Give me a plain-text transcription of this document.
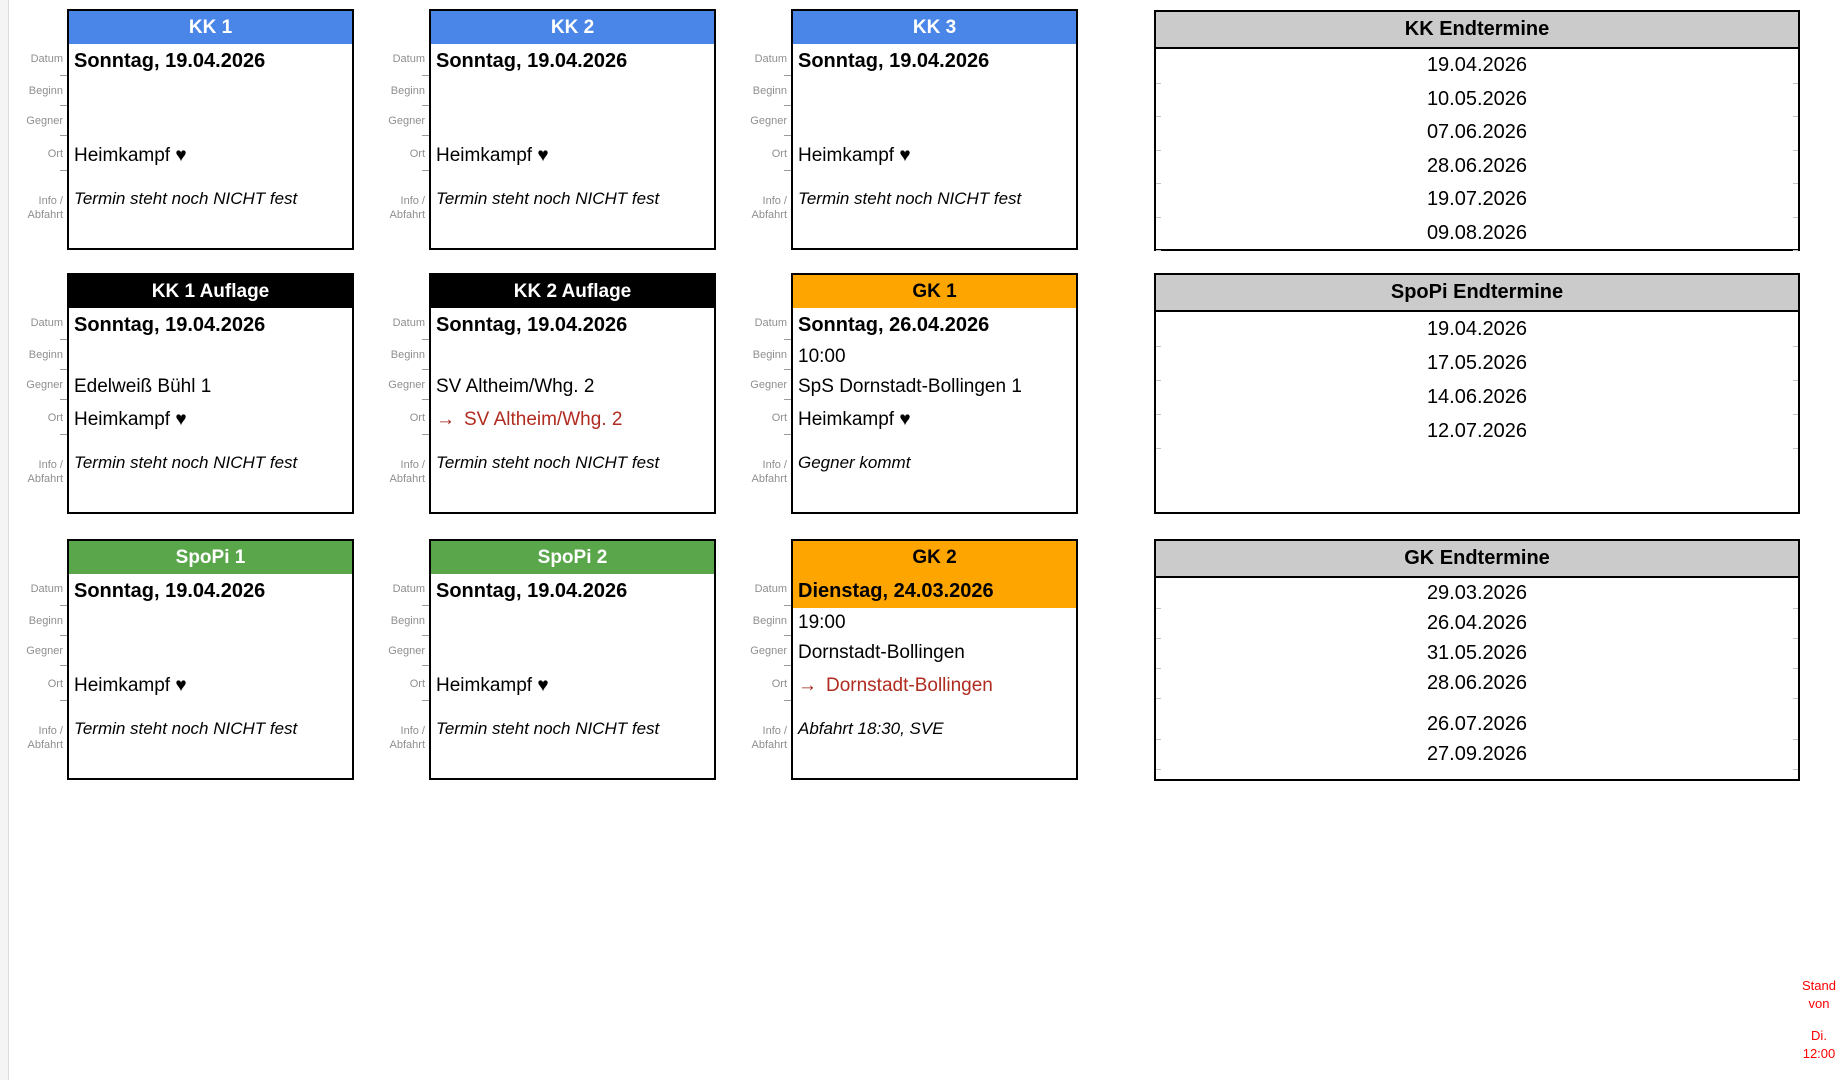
Datum
Beginn
Gegner
Ort
Info /
Abfahrt
KK 1
Sonntag, 19.04.2026
Heimkampf ♥
Termin steht noch NICHT fest
Datum
Beginn
Gegner
Ort
Info /
Abfahrt
KK 2
Sonntag, 19.04.2026
Heimkampf ♥
Termin steht noch NICHT fest
Datum
Beginn
Gegner
Ort
Info /
Abfahrt
KK 3
Sonntag, 19.04.2026
Heimkampf ♥
Termin steht noch NICHT fest
Datum
Beginn
Gegner
Ort
Info /
Abfahrt
KK 1 Auflage
Sonntag, 19.04.2026
Edelweiß Bühl 1
Heimkampf ♥
Termin steht noch NICHT fest
Datum
Beginn
Gegner
Ort
Info /
Abfahrt
KK 2 Auflage
Sonntag, 19.04.2026
SV Altheim/Whg. 2
→ SV Altheim/Whg. 2
Termin steht noch NICHT fest
Datum
Beginn
Gegner
Ort
Info /
Abfahrt
GK 1
Sonntag, 26.04.2026
10:00
SpS Dornstadt-Bollingen 1
Heimkampf ♥
Gegner kommt
Datum
Beginn
Gegner
Ort
Info /
Abfahrt
SpoPi 1
Sonntag, 19.04.2026
Heimkampf ♥
Termin steht noch NICHT fest
Datum
Beginn
Gegner
Ort
Info /
Abfahrt
SpoPi 2
Sonntag, 19.04.2026
Heimkampf ♥
Termin steht noch NICHT fest
Datum
Beginn
Gegner
Ort
Info /
Abfahrt
GK 2
Dienstag, 24.03.2026
19:00
Dornstadt-Bollingen
→ Dornstadt-Bollingen
Abfahrt 18:30, SVE
KK Endtermine
19.04.2026
10.05.2026
07.06.2026
28.06.2026
19.07.2026
09.08.2026
SpoPi Endtermine
19.04.2026
17.05.2026
14.06.2026
12.07.2026
GK Endtermine
29.03.2026
26.04.2026
31.05.2026
28.06.2026
26.07.2026
27.09.2026
Stand von
Di. 12:00
